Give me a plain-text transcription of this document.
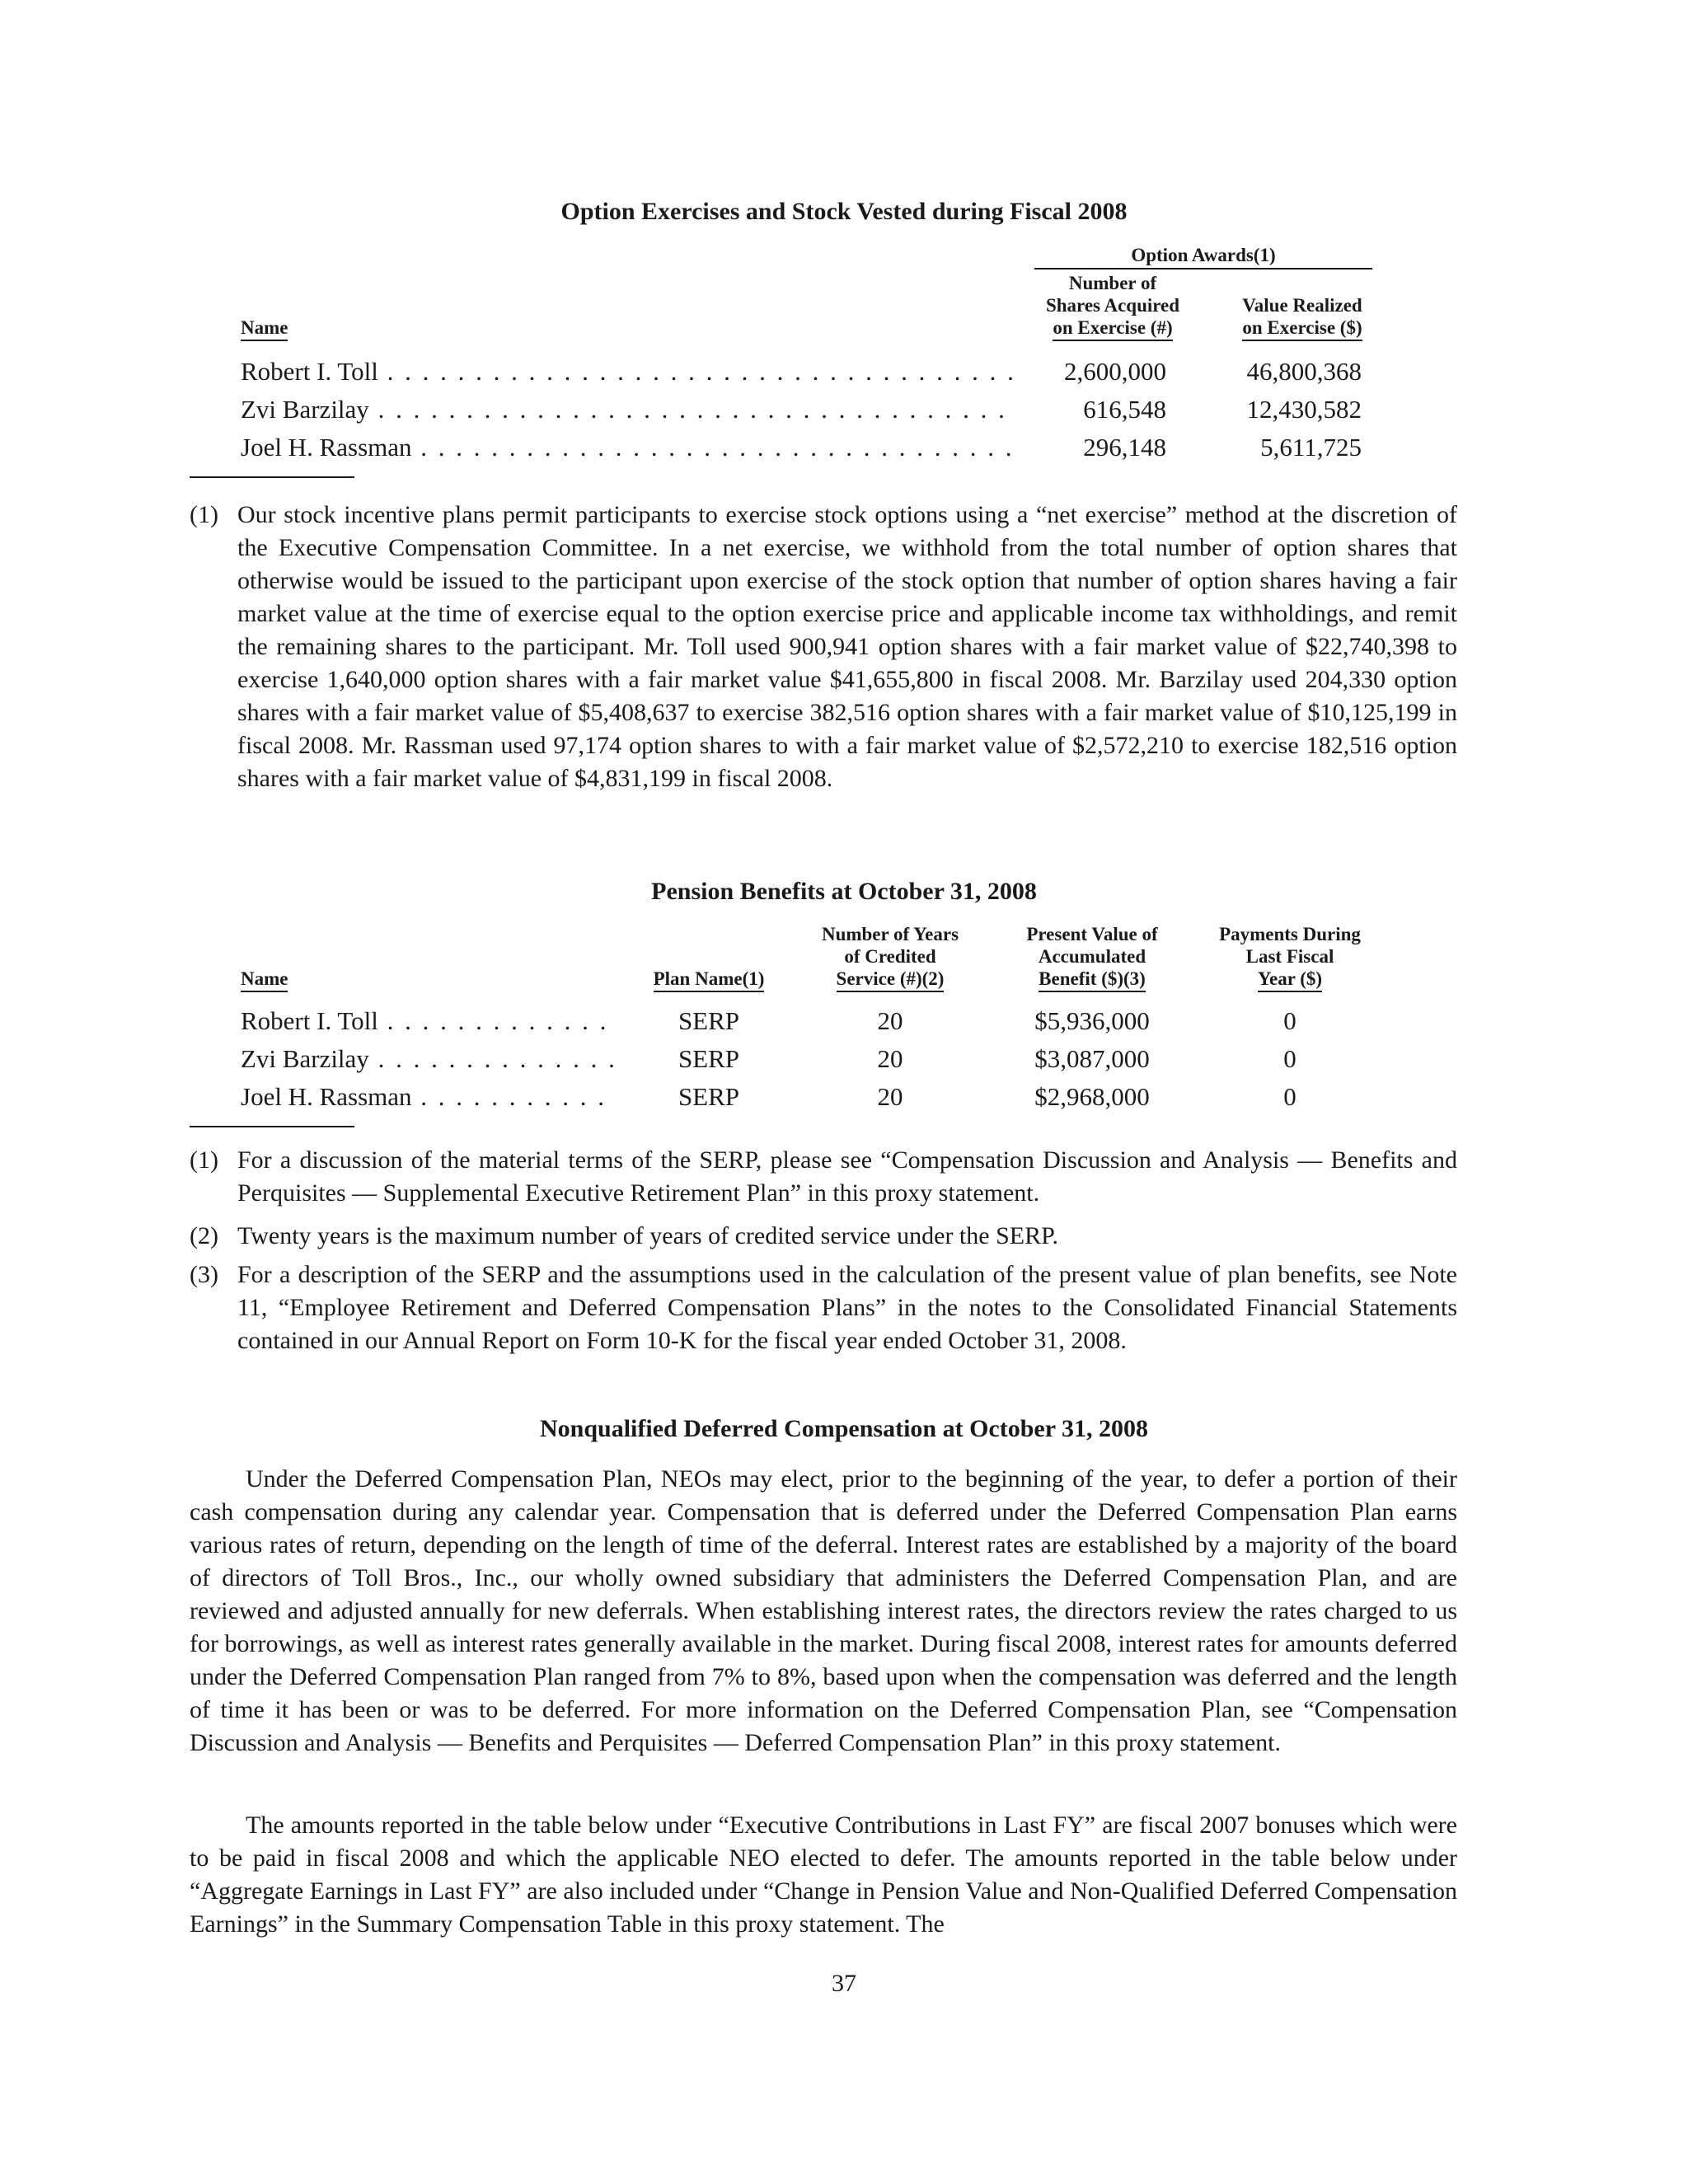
Option Exercises and Stock Vested during Fiscal 2008
Option Awards(1)
Name
Number of
Shares Acquired
on Exercise (#)
Value Realized
on Exercise ($)
Robert I. Toll . . .	2,600,000	46,800,368
Zvi Barzilay . . .	616,548	12,430,582
Joel H. Rassman . . .	296,148	5,611,725
(1) Our stock incentive plans permit participants to exercise stock options using a “net exercise” method at the discretion of the Executive Compensation Committee. In a net exercise, we withhold from the total number of option shares that otherwise would be issued to the participant upon exercise of the stock option that number of option shares having a fair market value at the time of exercise equal to the option exercise price and applicable income tax withholdings, and remit the remaining shares to the participant. Mr. Toll used 900,941 option shares with a fair market value of $22,740,398 to exercise 1,640,000 option shares with a fair market value $41,655,800 in fiscal 2008. Mr. Barzilay used 204,330 option shares with a fair market value of $5,408,637 to exercise 382,516 option shares with a fair market value of $10,125,199 in fiscal 2008. Mr. Rassman used 97,174 option shares to with a fair market value of $2,572,210 to exercise 182,516 option shares with a fair market value of $4,831,199 in fiscal 2008.
Pension Benefits at October 31, 2008
Name	Plan Name(1)
Number of Years
of Credited
Service (#)(2)
Present Value of
Accumulated
Benefit ($)(3)
Payments During
Last Fiscal
Year ($)
Robert I. Toll . . .	SERP	20	$5,936,000	0
Zvi Barzilay . . .	SERP	20	$3,087,000	0
Joel H. Rassman . . .	SERP	20	$2,968,000	0
(1) For a discussion of the material terms of the SERP, please see “Compensation Discussion and Analysis — Benefits and Perquisites — Supplemental Executive Retirement Plan” in this proxy statement.
(2) Twenty years is the maximum number of years of credited service under the SERP.
(3) For a description of the SERP and the assumptions used in the calculation of the present value of plan benefits, see Note 11, “Employee Retirement and Deferred Compensation Plans” in the notes to the Consolidated Financial Statements contained in our Annual Report on Form 10-K for the fiscal year ended October 31, 2008.
Nonqualified Deferred Compensation at October 31, 2008
Under the Deferred Compensation Plan, NEOs may elect, prior to the beginning of the year, to defer a portion of their cash compensation during any calendar year. Compensation that is deferred under the Deferred Compensation Plan earns various rates of return, depending on the length of time of the deferral. Interest rates are established by a majority of the board of directors of Toll Bros., Inc., our wholly owned subsidiary that administers the Deferred Compensation Plan, and are reviewed and adjusted annually for new deferrals. When establishing interest rates, the directors review the rates charged to us for borrowings, as well as interest rates generally available in the market. During fiscal 2008, interest rates for amounts deferred under the Deferred Compensation Plan ranged from 7% to 8%, based upon when the compensation was deferred and the length of time it has been or was to be deferred. For more information on the Deferred Compensation Plan, see “Compensation Discussion and Analysis — Benefits and Perquisites — Deferred Compensation Plan” in this proxy statement.
The amounts reported in the table below under “Executive Contributions in Last FY” are fiscal 2007 bonuses which were to be paid in fiscal 2008 and which the applicable NEO elected to defer. The amounts reported in the table below under “Aggregate Earnings in Last FY” are also included under “Change in Pension Value and Non-Qualified Deferred Compensation Earnings” in the Summary Compensation Table in this proxy statement. The
37
